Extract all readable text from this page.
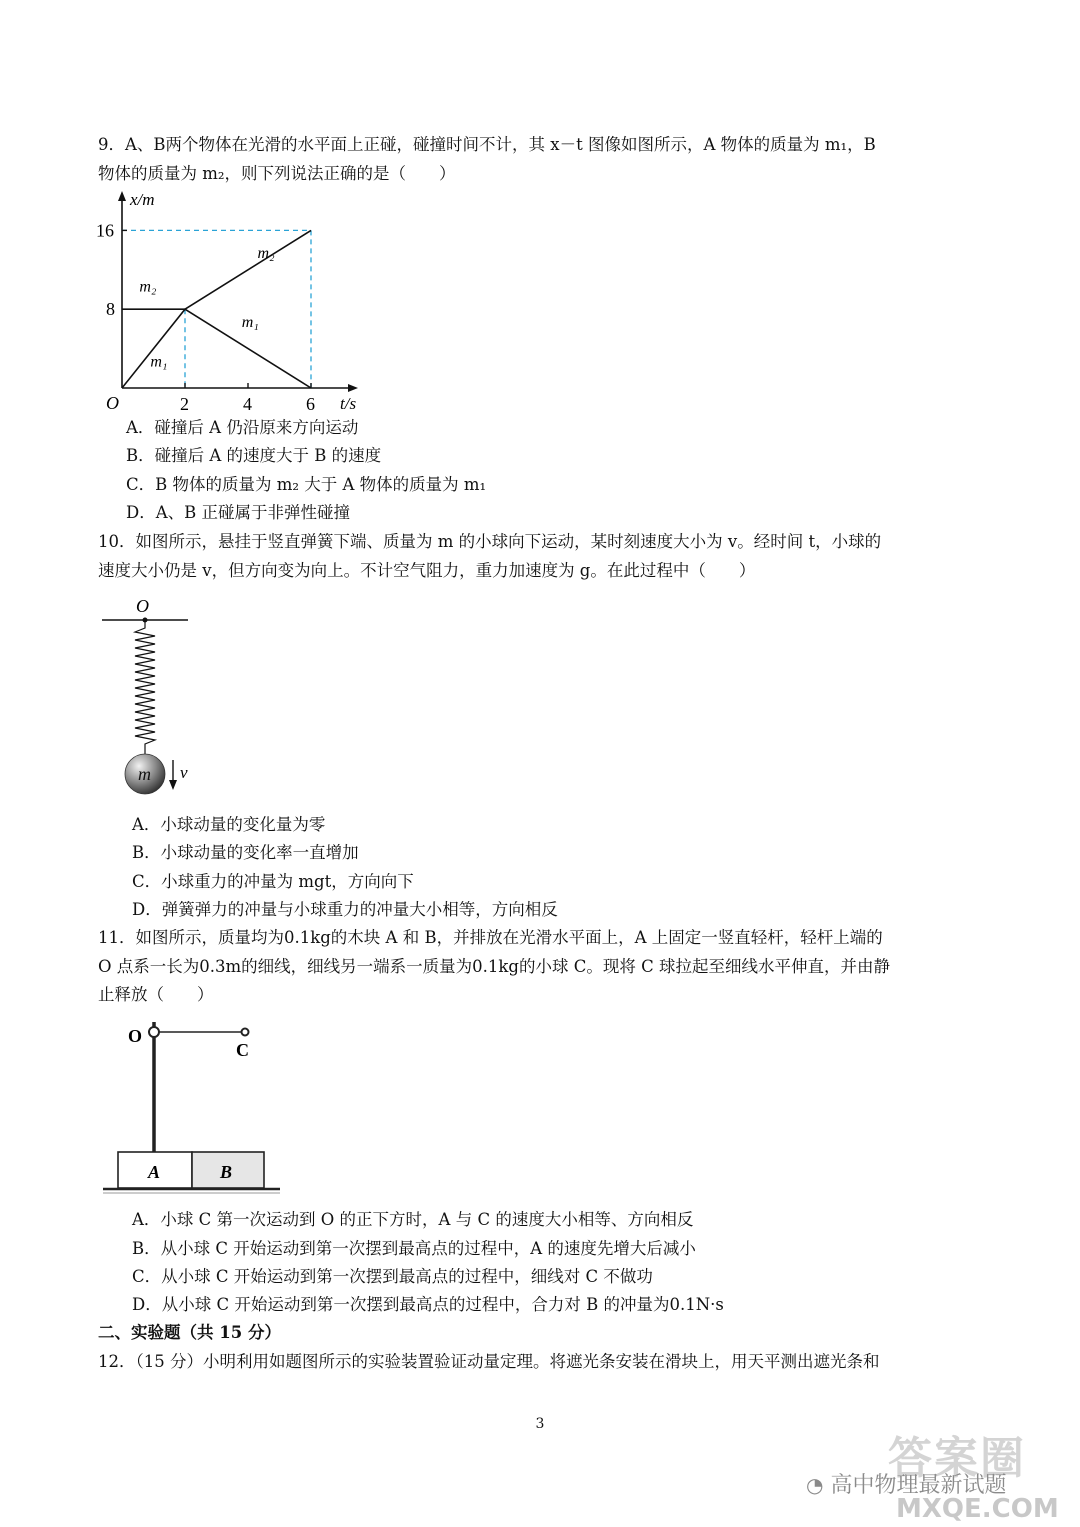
9．A、B两个物体在光滑的水平面上正碰，碰撞时间不计，其 x－t 图像如图所示，A 物体的质量为 m₁，B
物体的质量为 m₂，则下列说法正确的是（　　）
x/m
t/s
O	2	4	6
8
16
m₂
m₁
m₂
m₁
A．碰撞后 A 仍沿原来方向运动
B．碰撞后 A 的速度大于 B 的速度
C．B 物体的质量为 m₂ 大于 A 物体的质量为 m₁
D．A、B 正碰属于非弹性碰撞
10．如图所示，悬挂于竖直弹簧下端、质量为 m 的小球向下运动，某时刻速度大小为 v。经时间 t，小球的
速度大小仍是 v，但方向变为向上。不计空气阻力，重力加速度为 g。在此过程中（　　）
O
m v
A．小球动量的变化量为零
B．小球动量的变化率一直增加
C．小球重力的冲量为 mgt，方向向下
D．弹簧弹力的冲量与小球重力的冲量大小相等，方向相反
11．如图所示，质量均为0.1kg的木块 A 和 B，并排放在光滑水平面上，A 上固定一竖直轻杆，轻杆上端的
O 点系一长为0.3m的细线，细线另一端系一质量为0.1kg的小球 C。现将 C 球拉起至细线水平伸直，并由静
止释放（　　）
O
C
A	B
A．小球 C 第一次运动到 O 的正下方时，A 与 C 的速度大小相等、方向相反
B．从小球 C 开始运动到第一次摆到最高点的过程中，A 的速度先增大后减小
C．从小球 C 开始运动到第一次摆到最高点的过程中，细线对 C 不做功
D．从小球 C 开始运动到第一次摆到最高点的过程中，合力对 B 的冲量为0.1N·s
二、实验题（共 15 分）
12．（15 分）小明利用如题图所示的实验装置验证动量定理。将遮光条安装在滑块上，用天平测出遮光条和
3
答案圈
◔ 高中物理最新试题
MXQE.COM
